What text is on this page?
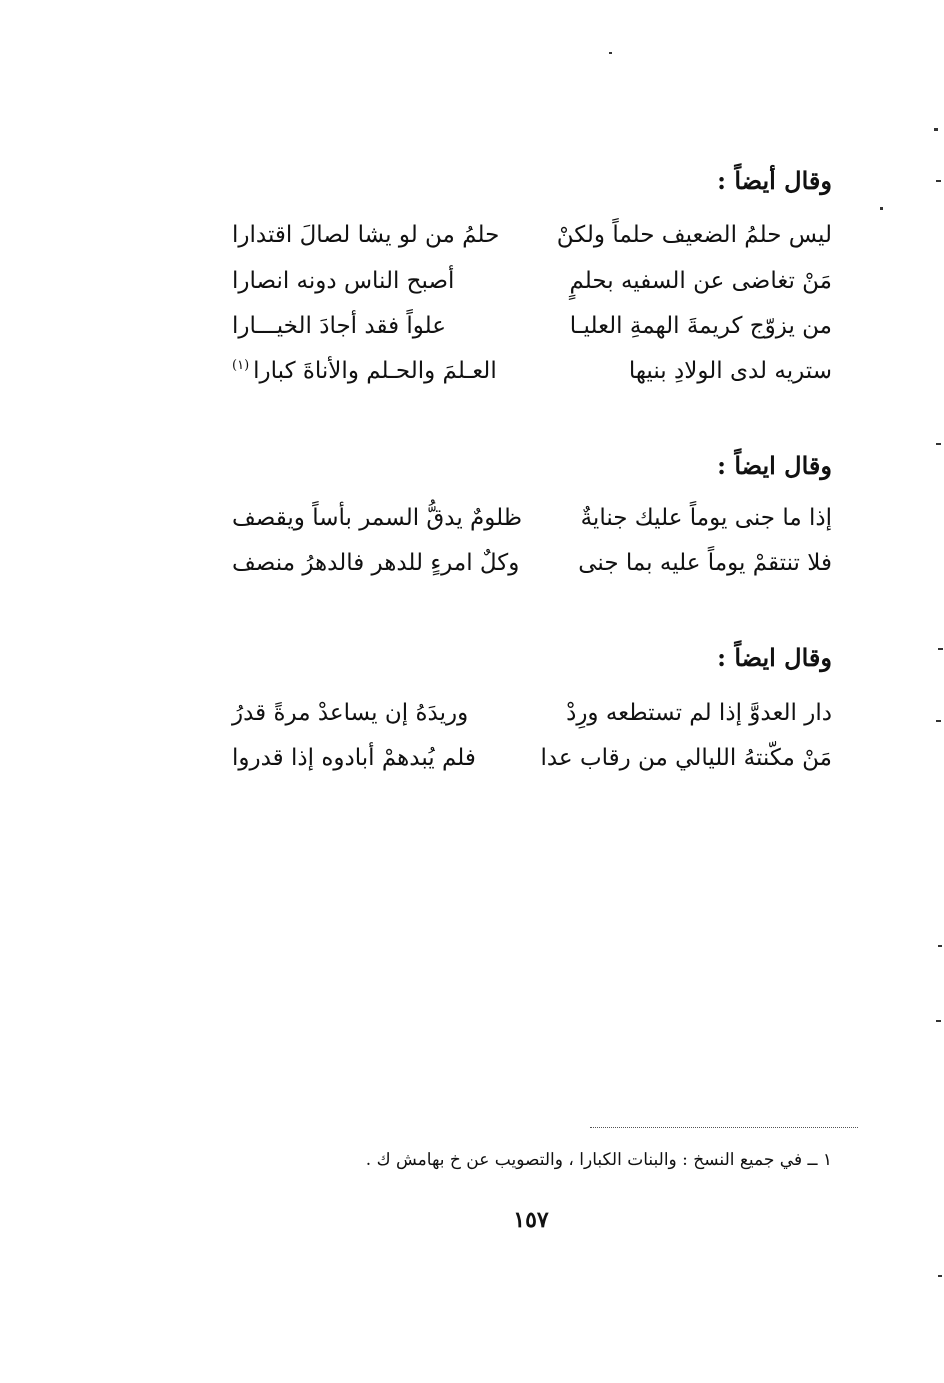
وقال أيضاً :
ليس حلمُ الضعيف حلماً ولكنْ
حلمُ من لو يشا لصالَ اقتدارا
مَنْ تغاضى عن السفيه بحلمٍ
أصبح الناس دونه انصارا
من يزوّج كريمةَ الهمةِ العليـا
علواً فقد أجادَ الخيـــارا
ستريه لدى الولادِ بنيها
العـلمَ والحـلم والأناةَ كبارا$^{(١)}$
وقال ايضاً :
إذا ما جنى يوماً عليك جنايةٌ
ظلومٌ يدقُّ السمر بأساً ويقصف
فلا تنتقمْ يوماً عليه بما جنى
وكلٌ امرءٍ للدهر فالدهرُ منصف
وقال ايضاً :
دار العدوَّ إذا لم تستطعه ورِدْ
وريدَهُ إن يساعدْ مرةً قدرُ
مَنْ مكّنتهُ الليالي من رقاب عدا
فلم يُبدهمْ أبادوه إذا قدروا
١ ــ في جميع النسخ : والبنات الكبارا ، والتصويب عن خ بهامش ك .
١٥٧
